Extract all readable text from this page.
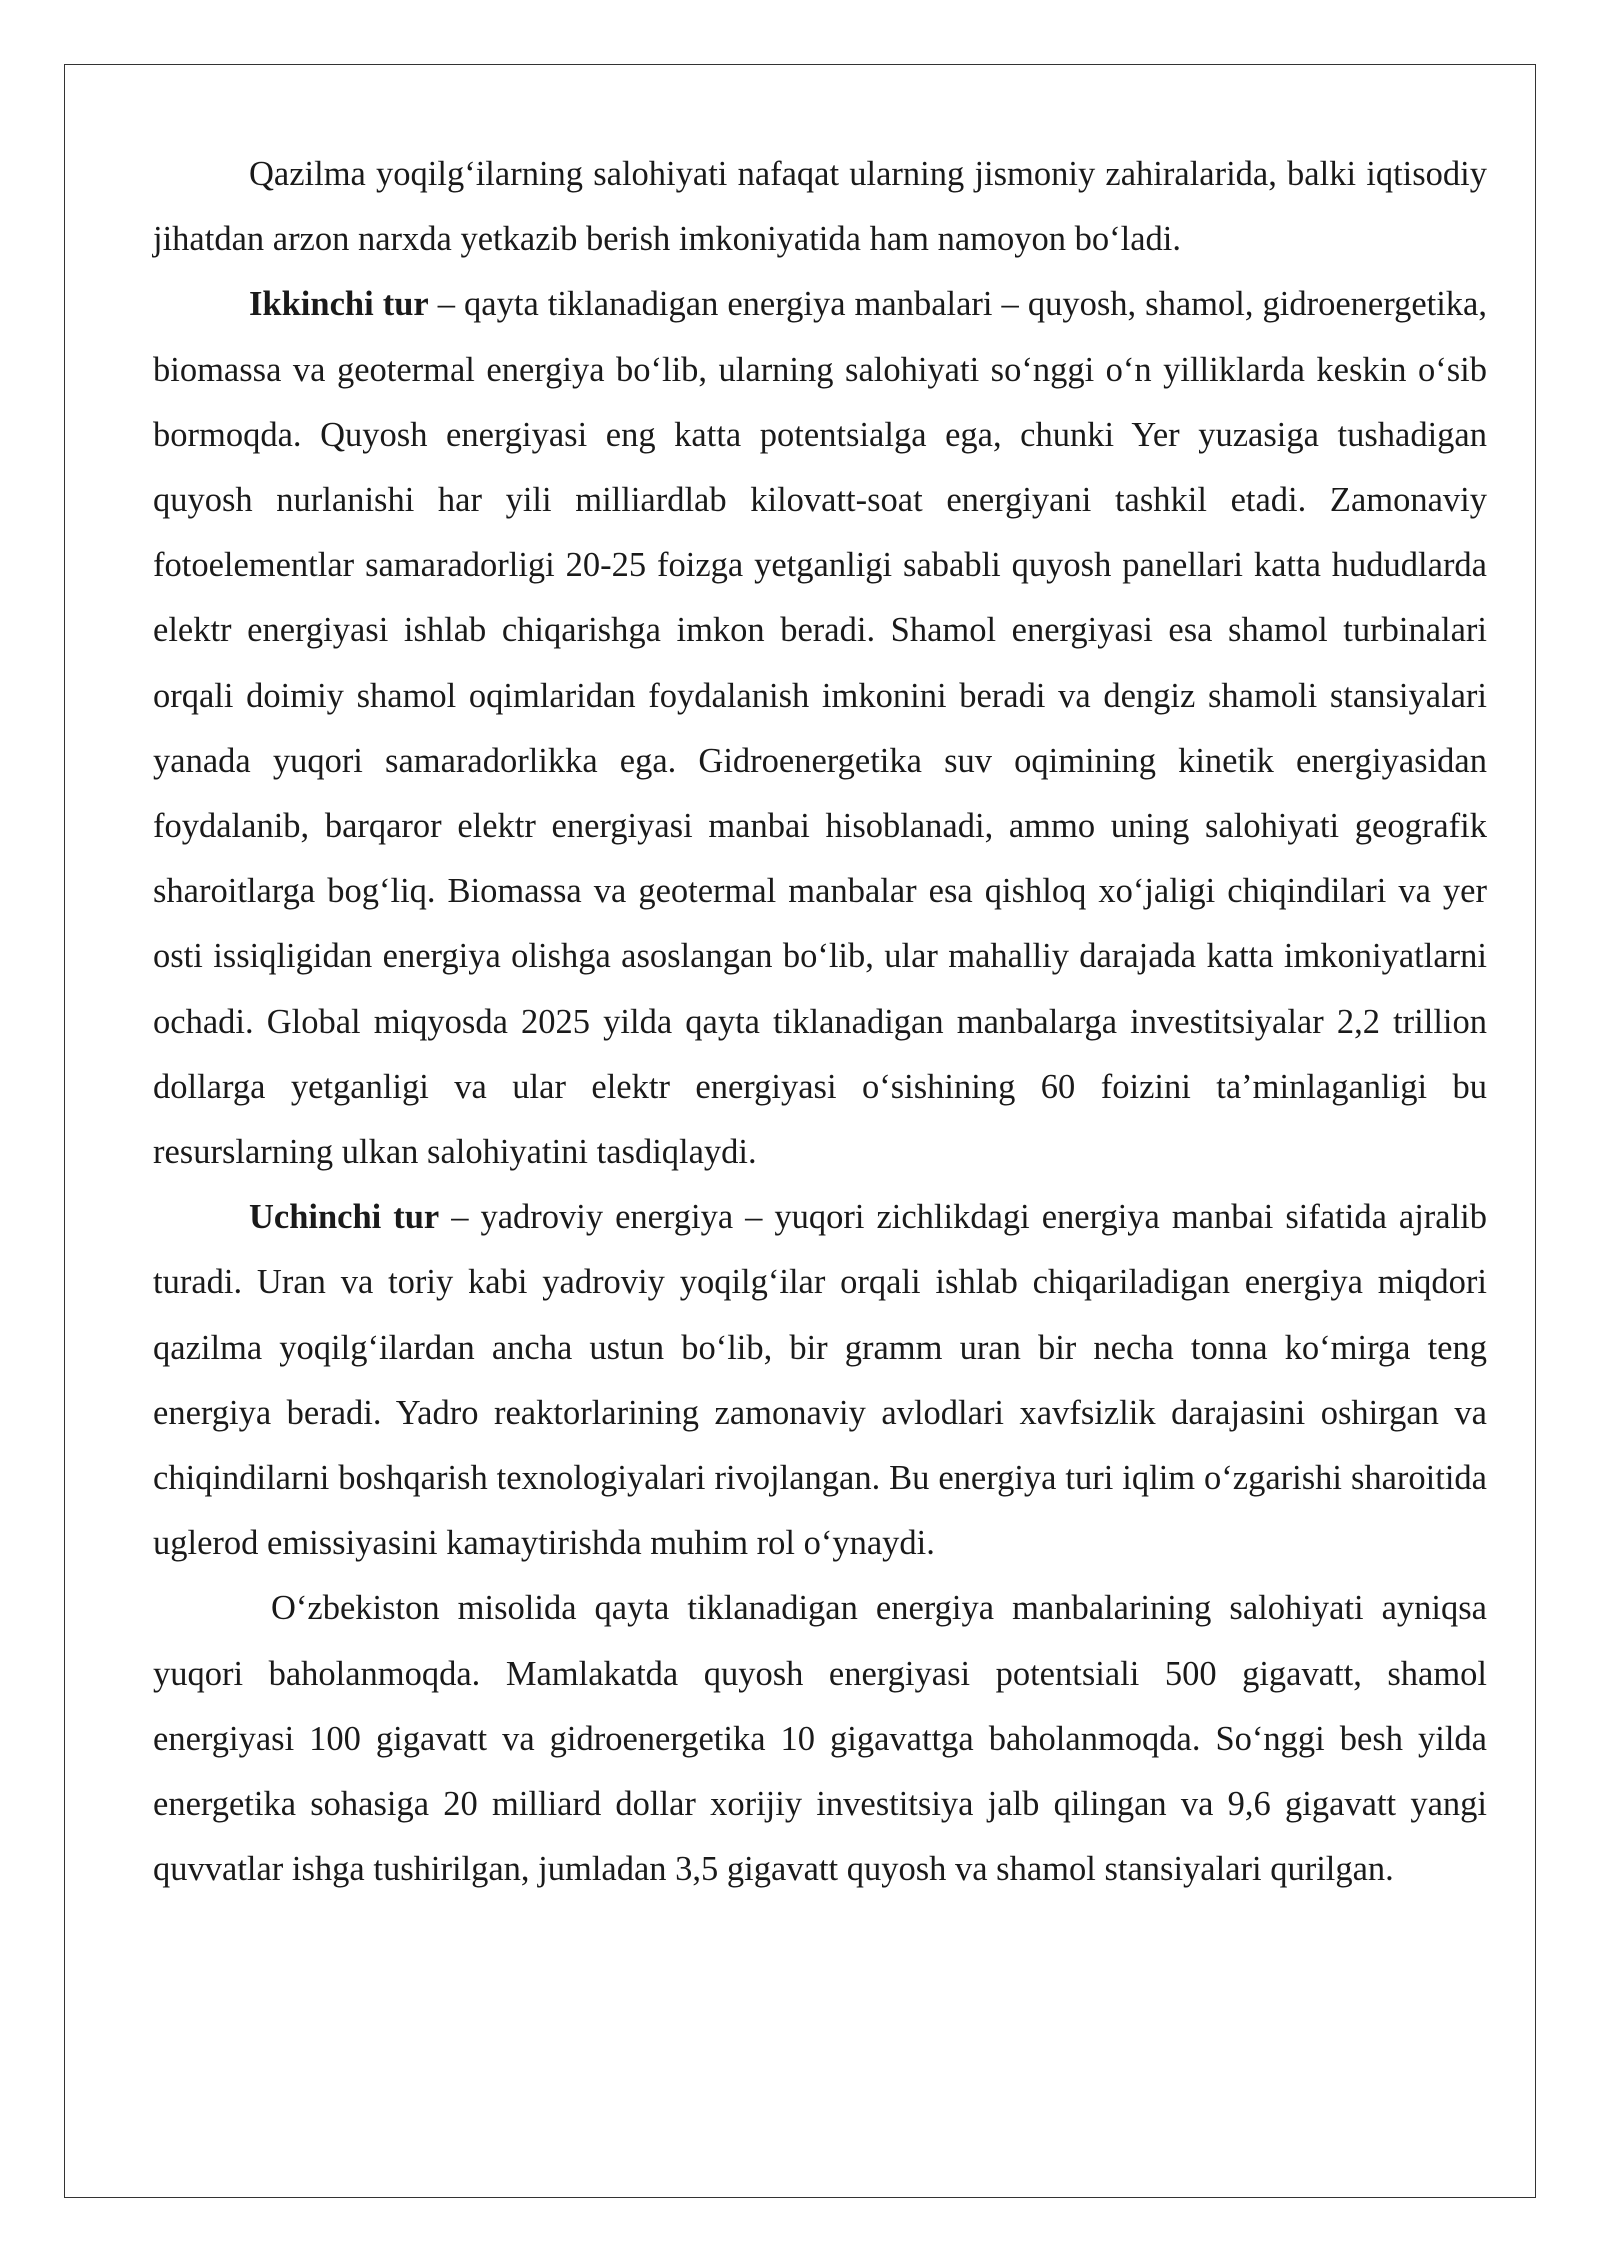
Qazilma yoqilg‘ilarning salohiyati nafaqat ularning jismoniy zahiralarida, balki iqtisodiy jihatdan arzon narxda yetkazib berish imkoniyatida ham namoyon bo‘ladi.

Ikkinchi tur – qayta tiklanadigan energiya manbalari – quyosh, shamol, gidroenergetika, biomassa va geotermal energiya bo‘lib, ularning salohiyati so‘nggi o‘n yilliklarda keskin o‘sib bormoqda. Quyosh energiyasi eng katta potentsialga ega, chunki Yer yuzasiga tushadigan quyosh nurlanishi har yili milliardlab kilovatt-soat energiyani tashkil etadi. Zamonaviy fotoelementlar samaradorligi 20-25 foizga yetganligi sababli quyosh panellari katta hududlarda elektr energiyasi ishlab chiqarishga imkon beradi. Shamol energiyasi esa shamol turbinalari orqali doimiy shamol oqimlaridan foydalanish imkonini beradi va dengiz shamoli stansiyalari yanada yuqori samaradorlikka ega. Gidroenergetika suv oqimining kinetik energiyasidan foydalanib, barqaror elektr energiyasi manbai hisoblanadi, ammo uning salohiyati geografik sharoitlarga bog‘liq. Biomassa va geotermal manbalar esa qishloq xo‘jaligi chiqindilari va yer osti issiqligidan energiya olishga asoslangan bo‘lib, ular mahalliy darajada katta imkoniyatlarni ochadi. Global miqyosda 2025 yilda qayta tiklanadigan manbalarga investitsiyalar 2,2 trillion dollarga yetganligi va ular elektr energiyasi o‘sishining 60 foizini ta’minlaganligi bu resurslarning ulkan salohiyatini tasdiqlaydi.

Uchinchi tur – yadroviy energiya – yuqori zichlikdagi energiya manbai sifatida ajralib turadi. Uran va toriy kabi yadroviy yoqilg‘ilar orqali ishlab chiqariladigan energiya miqdori qazilma yoqilg‘ilardan ancha ustun bo‘lib, bir gramm uran bir necha tonna ko‘mirga teng energiya beradi. Yadro reaktorlarining zamonaviy avlodlari xavfsizlik darajasini oshirgan va chiqindilarni boshqarish texnologiyalari rivojlangan. Bu energiya turi iqlim o‘zgarishi sharoitida uglerod emissiyasini kamaytirishda muhim rol o‘ynaydi.

O‘zbekiston misolida qayta tiklanadigan energiya manbalarining salohiyati ayniqsa yuqori baholanmoqda. Mamlakatda quyosh energiyasi potentsiali 500 gigavatt, shamol energiyasi 100 gigavatt va gidroenergetika 10 gigavattga baholanmoqda. So‘nggi besh yilda energetika sohasiga 20 milliard dollar xorijiy investitsiya jalb qilingan va 9,6 gigavatt yangi quvvatlar ishga tushirilgan, jumladan 3,5 gigavatt quyosh va shamol stansiyalari qurilgan.
